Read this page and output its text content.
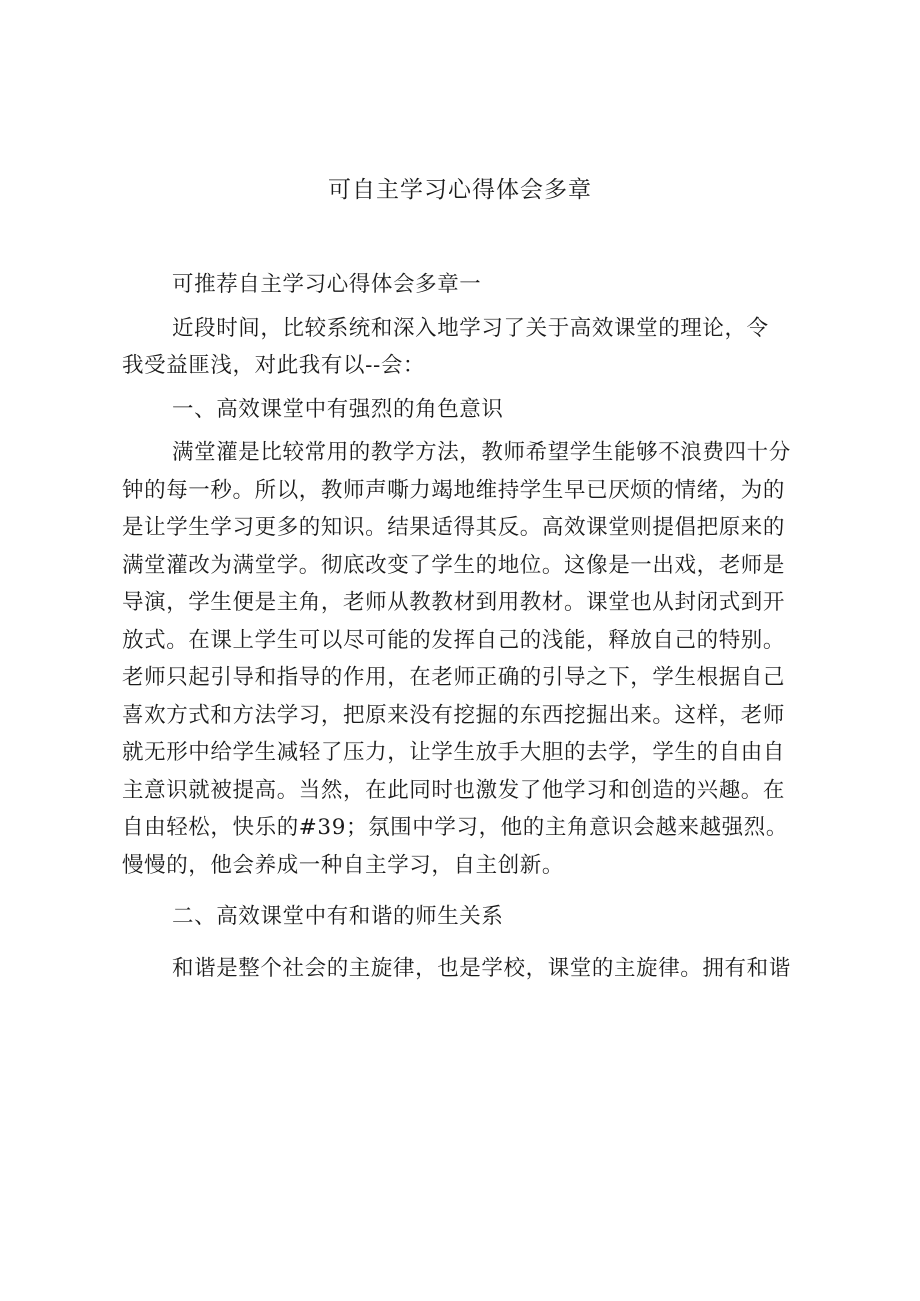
可自主学习心得体会多章
可推荐自主学习心得体会多章一
近段时间，比较系统和深入地学习了关于高效课堂的理论，令
我受益匪浅，对此我有以--会：
一、高效课堂中有强烈的角色意识
满堂灌是比较常用的教学方法，教师希望学生能够不浪费四十分
钟的每一秒。所以，教师声嘶力竭地维持学生早已厌烦的情绪，为的
是让学生学习更多的知识。结果适得其反。高效课堂则提倡把原来的
满堂灌改为满堂学。彻底改变了学生的地位。这像是一出戏，老师是
导演，学生便是主角，老师从教教材到用教材。课堂也从封闭式到开
放式。在课上学生可以尽可能的发挥自己的浅能，释放自己的特别。
老师只起引导和指导的作用，在老师正确的引导之下，学生根据自己
喜欢方式和方法学习，把原来没有挖掘的东西挖掘出来。这样，老师
就无形中给学生减轻了压力，让学生放手大胆的去学，学生的自由自
主意识就被提高。当然，在此同时也激发了他学习和创造的兴趣。在
自由轻松，快乐的#39；氛围中学习，他的主角意识会越来越强烈。
慢慢的，他会养成一种自主学习，自主创新。
二、高效课堂中有和谐的师生关系
和谐是整个社会的主旋律，也是学校，课堂的主旋律。拥有和谐
